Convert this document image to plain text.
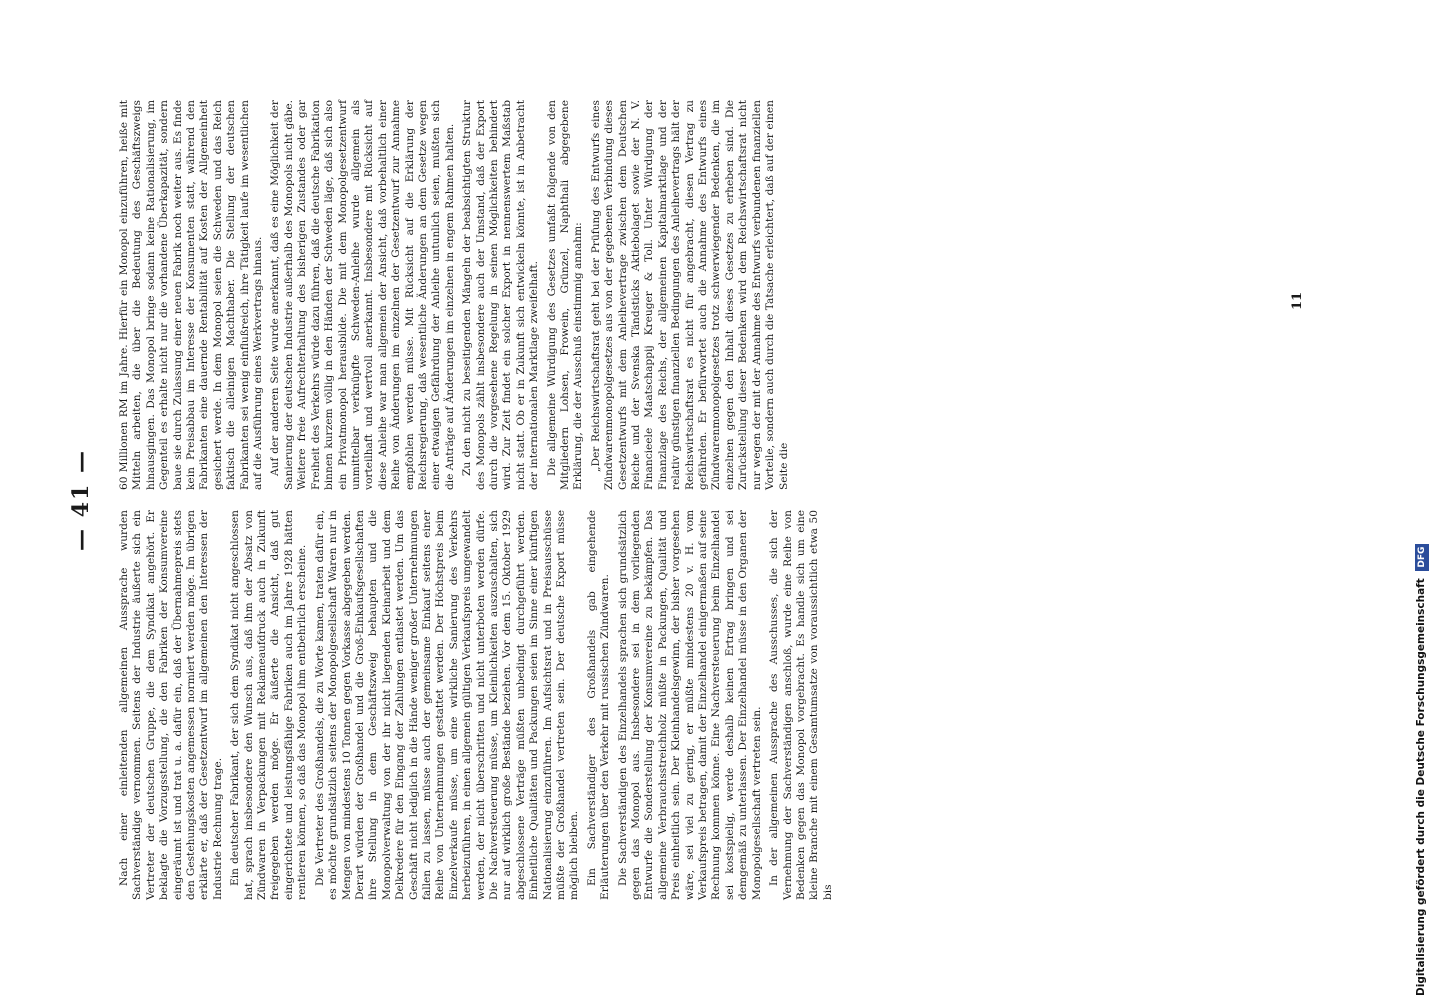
— 41 —

Nach einer einleitenden allgemeinen Aussprache wurden Sachverständige vernommen. Seitens der Industrie äußerte sich ein Vertreter der deutschen Gruppe, die dem Syndikat angehört. Er beklagte die Vorzugsstellung, die den Fabriken der Konsumvereine eingeräumt ist und trat u. a. dafür ein, daß der Übernahmepreis stets den Gestehungskosten angemessen normiert werden möge. Im übrigen erklärte er, daß der Gesetzentwurf im allgemeinen den Interessen der Industrie Rechnung trage. Ein deutscher Fabrikant, der sich dem Syndikat nicht angeschlossen hat, sprach insbesondere den Wunsch aus, daß ihm der Absatz von Zündwaren in Verpackungen mit Reklameaufdruck auch in Zukunft freigegeben werden möge. Er äußerte die Ansicht, daß gut eingerichtete und leistungsfähige Fabriken auch im Jahre 1928 hätten rentieren können, so daß das Monopol ihm entbehrlich erscheine. Die Vertreter des Großhandels, die zu Worte kamen, traten dafür ein, es möchte grundsätzlich seitens der Monopolgesellschaft Waren nur in Mengen von mindestens 10 Tonnen gegen Vorkasse abgegeben werden. Derart würden der Großhandel und die Groß-Einkaufsgesellschaften ihre Stellung in dem Geschäftszweig behaupten und die Monopolverwaltung von der ihr nicht liegenden Kleinarbeit und dem Delkredere für den Eingang der Zahlungen entlastet werden. Um das Geschäft nicht lediglich in die Hände weniger großer Unternehmungen fallen zu lassen, müsse auch der gemeinsame Einkauf seitens einer Reihe von Unternehmungen gestattet werden. Der Höchstpreis beim Einzelverkaufe müsse, um eine wirkliche Sanierung des Verkehrs herbeizuführen, in einen allgemein gültigen Verkaufspreis umgewandelt werden, der nicht überschritten und nicht unterboten werden dürfe. Die Nachversteuerung müsse, um Kleinlichkeiten auszuschalten, sich nur auf wirklich große Bestände beziehen. Vor dem 15. Oktober 1929 abgeschlossene Verträge müßten unbedingt durchgeführt werden. Einheitliche Qualitäten und Packungen seien im Sinne einer künftigen Nationalisierung einzuführen. Im Aufsichtsrat und in Preisausschüsse müßte der Großhandel vertreten sein. Der deutsche Export müsse möglich bleiben. Ein Sachverständiger des Großhandels gab eingehende Erläuterungen über den Verkehr mit russischen Zündwaren. Die Sachverständigen des Einzelhandels sprachen sich grundsätzlich gegen das Monopol aus. Insbesondere sei in dem vorliegenden Entwurfe die Sonderstellung der Konsumvereine zu bekämpfen. Das allgemeine Verbrauchsstreichholz müßte in Packungen, Qualität und Preis einheitlich sein. Der Kleinhandelsgewinn, der bisher vorgesehen wäre, sei viel zu gering, er müßte mindestens 20 v. H. vom Verkaufspreis betragen, damit der Einzelhandel einigermaßen auf seine Rechnung kommen könne. Eine Nachversteuerung beim Einzelhandel sei kostspielig, werde deshalb keinen Ertrag bringen und sei demgemäß zu unterlassen. Der Einzelhandel müsse in den Organen der Monopolgesellschaft vertreten sein. In der allgemeinen Aussprache des Ausschusses, die sich der Vernehmung der Sachverständigen anschloß, wurde eine Reihe von Bedenken gegen das Monopol vorgebracht. Es handle sich um eine kleine Branche mit einem Gesamtumsatze von voraussichtlich etwa 50 bis

60 Millionen RM im Jahre. Hierfür ein Monopol einzuführen, heiße mit Mitteln arbeiten, die über die Bedeutung des Geschäftszweigs hinausgingen. Das Monopol bringe sodann keine Rationalisierung, im Gegenteil es erhalte nicht nur die vorhandene Überkapazität, sondern baue sie durch Zulassung einer neuen Fabrik noch weiter aus. Es finde kein Preisabbau im Interesse der Konsumenten statt, während den Fabrikanten eine dauernde Rentabilität auf Kosten der Allgemeinheit gesichert werde. In dem Monopol seien die Schweden und das Reich faktisch die alleinigen Machthaber. Die Stellung der deutschen Fabrikanten sei wenig einflußreich, ihre Tätigkeit laufe im wesentlichen auf die Ausführung eines Werkvertrags hinaus. Auf der anderen Seite wurde anerkannt, daß es eine Möglichkeit der Sanierung der deutschen Industrie außerhalb des Monopols nicht gäbe. Weitere freie Aufrechterhaltung des bisherigen Zustandes oder gar Freiheit des Verkehrs würde dazu führen, daß die deutsche Fabrikation binnen kurzem völlig in den Händen der Schweden läge, daß sich also ein Privatmonopol herausbilde. Die mit dem Monopolgesetzentwurf unmittelbar verknüpfte Schweden-Anleihe wurde allgemein als vorteilhaft und wertvoll anerkannt. Insbesondere mit Rücksicht auf diese Anleihe war man allgemein der Ansicht, daß vorbehaltlich einer Reihe von Änderungen im einzelnen der Gesetzentwurf zur Annahme empfohlen werden müsse. Mit Rücksicht auf die Erklärung der Reichsregierung, daß wesentliche Änderungen an dem Gesetze wegen einer etwaigen Gefährdung der Anleihe untunlich seien, mußten sich die Anträge auf Änderungen im einzelnen in engem Rahmen halten. Zu den nicht zu beseitigenden Mängeln der beabsichtigten Struktur des Monopols zählt insbesondere auch der Umstand, daß der Export durch die vorgesehene Regelung in seinen Möglichkeiten behindert wird. Zur Zeit findet ein solcher Export in nennenswertem Maßstab nicht statt. Ob er in Zukunft sich entwickeln könnte, ist in Anbetracht der internationalen Marktlage zweifelhaft. Die allgemeine Würdigung des Gesetzes umfaßt folgende von den Mitgliedern Lohsen, Frowein, Grünzel, Naphthali abgegebene Erklärung, die der Ausschuß einstimmig annahm: „Der Reichswirtschaftsrat geht bei der Prüfung des Entwurfs eines Zündwarenmonopolgesetzes aus von der gegebenen Verbindung dieses Gesetzentwurfs mit dem Anleihevertrage zwischen dem Deutschen Reiche und der Svenska Tändsticks Aktiebolaget sowie der N. V. Financieele Maatschappij Kreuger & Toll. Unter Würdigung der Finanzlage des Reichs, der allgemeinen Kapitalmarktlage und der relativ günstigen finanziellen Bedingungen des Anleihevertrags hält der Reichswirtschaftsrat es nicht für angebracht, diesen Vertrag zu gefährden. Er befürwortet auch die Annahme des Entwurfs eines Zündwarenmonopolgesetzes trotz schwerwiegender Bedenken, die im einzelnen gegen den Inhalt dieses Gesetzes zu erheben sind. Die Zurückstellung dieser Bedenken wird dem Reichswirtschaftsrat nicht nur wegen der mit der Annahme des Entwurfs verbundenen finanziellen Vorteile, sondern auch durch die Tatsache erleichtert, daß auf der einen Seite die

11
Digitalisierung gefördert durch die Deutsche Forschungsgemeinschaft DFG
